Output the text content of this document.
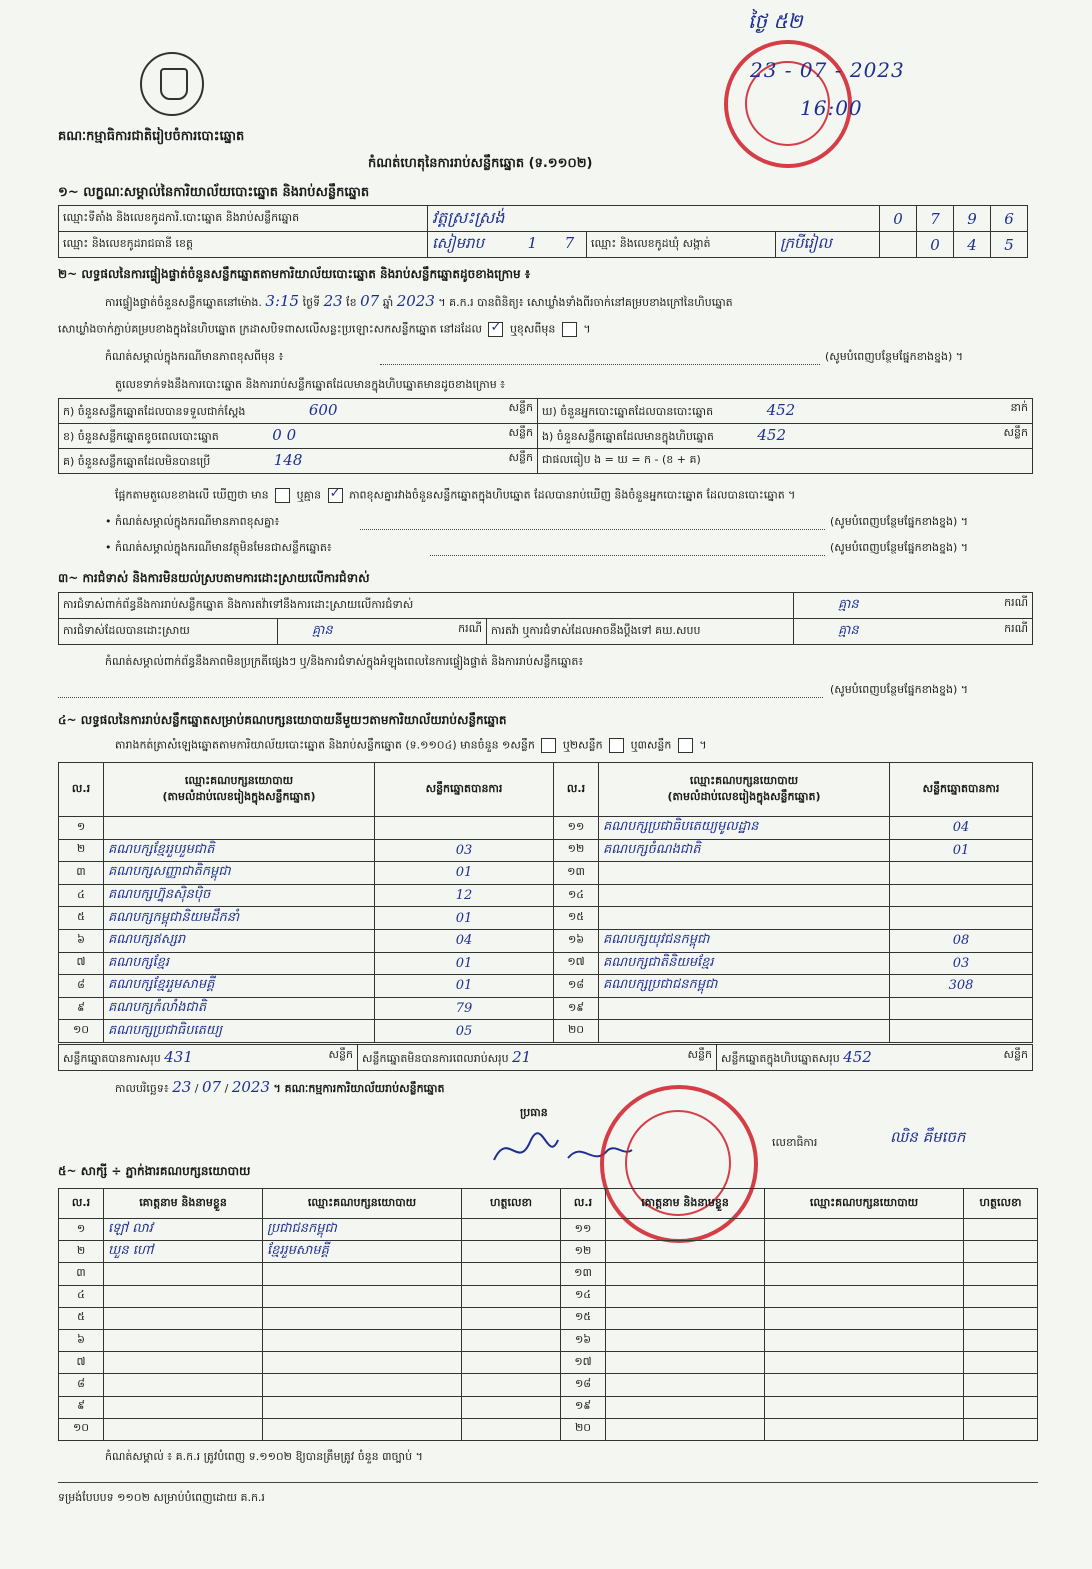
គណៈកម្មាធិការជាតិរៀបចំការបោះឆ្នោត
ថ្ងៃ ៥២
23 - 07 - 2023
16:00
កំណត់ហេតុនៃការរាប់សន្លឹកឆ្នោត (ទ.១១០២)
១~ លក្ខណៈសម្គាល់នៃការិយាល័យបោះឆ្នោត និងរាប់សន្លឹកឆ្នោត
ឈ្មោះទីតាំង និងលេខកូដការិ.បោះឆ្នោត និងរាប់សន្លឹកឆ្នោត	វត្តស្រះស្រង់			0	7	9	6
ឈ្មោះ និងលេខកូដរាជធានី ខេត្ត	សៀមរាប 1 7	ឈ្មោះ និងលេខកូដឃុំ សង្កាត់	ក្របីរៀល		0	4	5
២~ លទ្ធផលនៃការផ្ទៀងផ្ទាត់ចំនួនសន្លឹកឆ្នោតតាមការិយាល័យបោះឆ្នោត និងរាប់សន្លឹកឆ្នោតដូចខាងក្រោម ៖
ការផ្ទៀងផ្ទាត់ចំនួនសន្លឹកឆ្នោតនៅម៉ោង. 3:15 ថ្ងៃទី 23 ខែ 07 ឆ្នាំ 2023 ។ គ.ក.រ បានពិនិត្យ៖ សោឃ្លាំងទាំងពីរចាក់នៅគម្របខាងក្រៅនៃហិបឆ្នោត
សោឃ្លាំងចាក់ភ្ជាប់គម្របខាងក្នុងនៃហិបឆ្នោត ក្រដាសបិទពាសលើសន្លះប្រឡោះសកសន្លឹកឆ្នោត នៅដដែល ✓	ឬខុសពីមុន  ។
កំណត់សម្គាល់ក្នុងករណីមានភាពខុសពីមុន ៖	(សូមបំពេញបន្ថែមផ្នែកខាងខ្នង) ។
តួលេខទាក់ទងនឹងការបោះឆ្នោត និងការរាប់សន្លឹកឆ្នោតដែលមានក្នុងហិបឆ្នោតមានដូចខាងក្រោម ៖
ក) ចំនួនសន្លឹកឆ្នោតដែលបានទទួលជាក់ស្តែង 600 សន្លឹក	ឃ) ចំនួនអ្នកបោះឆ្នោតដែលបានបោះឆ្នោត 452 នាក់

ខ) ចំនួនសន្លឹកឆ្នោតខូចពេលបោះឆ្នោត 0 0 សន្លឹក	ង) ចំនួនសន្លឹកឆ្នោតដែលមានក្នុងហិបឆ្នោត 452 សន្លឹក

គ) ចំនួនសន្លឹកឆ្នោតដែលមិនបានប្រើ 148 សន្លឹក	ជាផលធៀប ង = ឃ = ក - (ខ + គ)
ផ្អែកតាមតួលេខខាងលើ ឃើញថា មាន	ឬគ្មាន ✓	ភាពខុសគ្នារវាងចំនួនសន្លឹកឆ្នោតក្នុងហិបឆ្នោត ដែលបានរាប់ឃើញ និងចំនួនអ្នកបោះឆ្នោត ដែលបានបោះឆ្នោត ។
• កំណត់សម្គាល់ក្នុងករណីមានភាពខុសគ្នា៖	(សូមបំពេញបន្ថែមផ្នែកខាងខ្នង) ។
• កំណត់សម្គាល់ក្នុងករណីមានវត្ថុមិនមែនជាសន្លឹកឆ្នោត៖	(សូមបំពេញបន្ថែមផ្នែកខាងខ្នង) ។
៣~ ការជំទាស់ និងការមិនយល់ស្របតាមការដោះស្រាយលើការជំទាស់
ការជំទាស់ពាក់ព័ន្ធនឹងការរាប់សន្លឹកឆ្នោត និងការតវ៉ាទៅនឹងការដោះស្រាយលើការជំទាស់			គ្មាន ករណី

ការជំទាស់ដែលបានដោះស្រាយ	គ្មាន ករណី	ការតវ៉ា ឬការជំទាស់ដែលអាចនឹងប្តឹងទៅ គឃ.សបប	គ្មាន ករណី
កំណត់សម្គាល់ពាក់ព័ន្ធនឹងភាពមិនប្រក្រតីផ្សេងៗ ឬ/និងការជំទាស់ក្នុងអំឡុងពេលនៃការផ្ទៀងផ្ទាត់ និងការរាប់សន្លឹកឆ្នោត៖
(សូមបំពេញបន្ថែមផ្នែកខាងខ្នង) ។
៤~ លទ្ធផលនៃការរាប់សន្លឹកឆ្នោតសម្រាប់គណបក្សនយោបាយនីមួយៗតាមការិយាល័យរាប់សន្លឹកឆ្នោត
តារាងកត់ត្រាសំឡេងឆ្នោតតាមការិយាល័យបោះឆ្នោត និងរាប់សន្លឹកឆ្នោត (ទ.១១០៤) មានចំនួន ១សន្លឹក	ឬ២សន្លឹក	ឬ៣សន្លឹក  ។
ល.រ	ឈ្មោះគណបក្សនយោបាយ
(តាមលំដាប់លេខរៀងក្នុងសន្លឹកឆ្នោត)	សន្លឹកឆ្នោតបានការ	ល.រ	ឈ្មោះគណបក្សនយោបាយ
(តាមលំដាប់លេខរៀងក្នុងសន្លឹកឆ្នោត)	សន្លឹកឆ្នោតបានការ
១			១១	គណបក្សប្រជាធិបតេយ្យមូលដ្ឋាន	04
២	គណបក្សខ្មែររួបរួមជាតិ	03	១២	គណបក្សចំណងជាតិ	01
៣	គណបក្សសញ្ញាជាតិកម្ពុជា	01	១៣		
៤	គណបក្សហ្វ៊ុនស៊ិនប៉ិច	12	១៤		
៥	គណបក្សកម្ពុជានិយមដឹកនាំ	01	១៥		
៦	គណបក្សឥស្សរា	04	១៦	គណបក្សយុវជនកម្ពុជា	08
៧	គណបក្សខ្មែរ	01	១៧	គណបក្សជាតិនិយមខ្មែរ	03
៨	គណបក្សខ្មែររួមសាមគ្គី	01	១៨	គណបក្សប្រជាជនកម្ពុជា	308
៩	គណបក្សកំលាំងជាតិ	79	១៩		
១០	គណបក្សប្រជាធិបតេយ្យ	05	២០		
សន្លឹកឆ្នោតបានការសរុប 431	សន្លឹក	សន្លឹកឆ្នោតមិនបានការពេលរាប់សរុប 21	សន្លឹក	សន្លឹកឆ្នោតក្នុងហិបឆ្នោតសរុប 452	សន្លឹក
កាលបរិច្ឆេទ៖ 23 / 07 / 2023 ។ គណៈកម្មការការិយាល័យរាប់សន្លឹកឆ្នោត
ប្រធាន
លេខាធិការ	ឈិន គឹមចេក
៥~ សាក្សី ÷ ភ្នាក់ងារគណបក្សនយោបាយ
ល.រ	គោត្តនាម និងនាមខ្លួន	ឈ្មោះគណបក្សនយោបាយ	ហត្ថលេខា	ល.រ	គោត្តនាម និងនាមខ្លួន	ឈ្មោះគណបក្សនយោបាយ	ហត្ថលេខា
១	ឡៅ លាវ	ប្រជាជនកម្ពុជា		១១			
២	ឃួន ហៅ	ខ្មែររួមសាមគ្គី		១២			
៣				១៣			
៤				១៤			
៥				១៥			
៦				១៦			
៧				១៧			
៨				១៨			
៩				១៩			
១០				២០			
កំណត់សម្គាល់ ៖ គ.ក.រ ត្រូវបំពេញ ទ.១១០២ ឱ្យបានត្រឹមត្រូវ ចំនួន ៣ច្បាប់ ។
ទម្រង់បែបបទ ១១០២ សម្រាប់បំពេញដោយ គ.ក.រ
